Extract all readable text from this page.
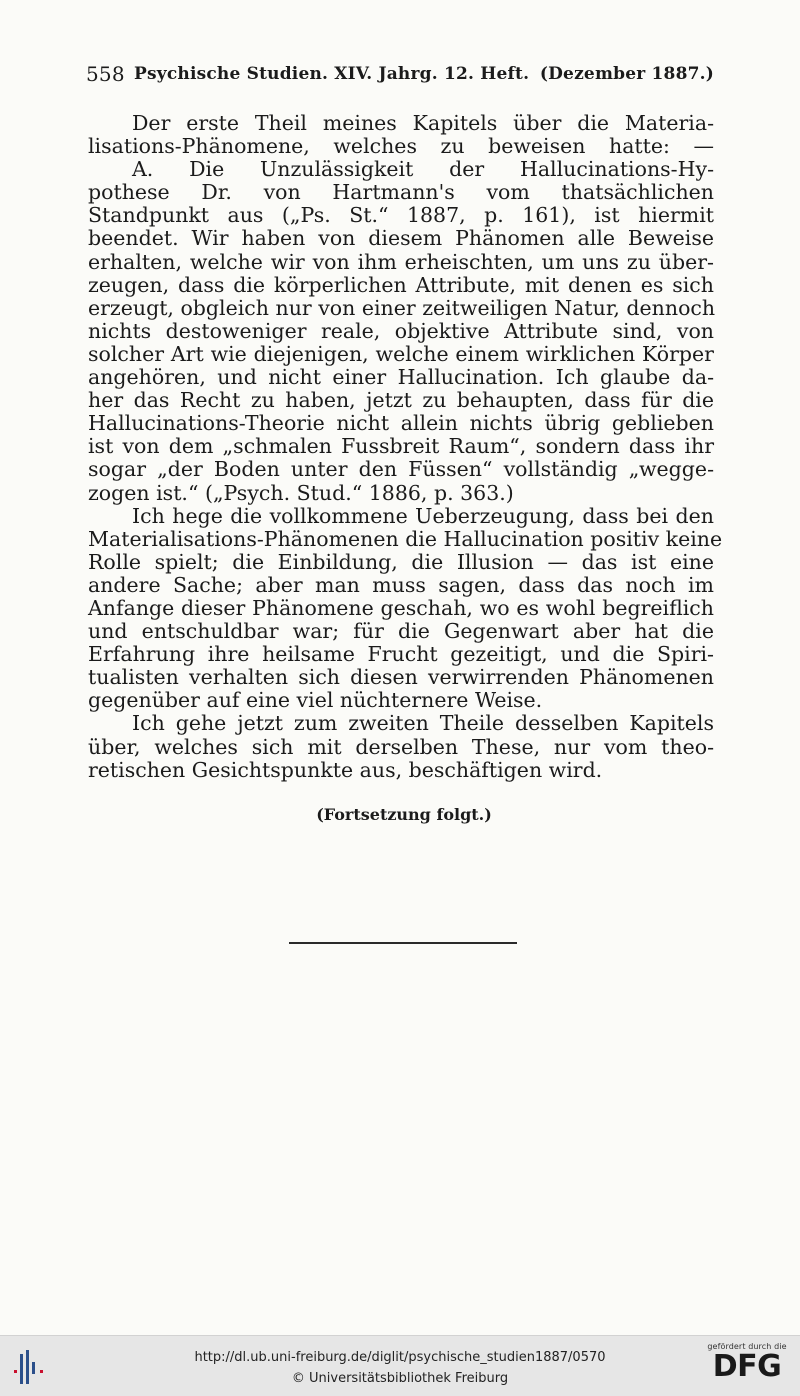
558 Psychische Studien. XIV. Jahrg. 12. Heft. (Dezember 1887.)
Der erste Theil meines Kapitels über die Materia-
lisations-Phänomene, welches zu beweisen hatte: —
A. Die Unzulässigkeit der Hallucinations-Hy-
pothese Dr. von Hartmann's vom thatsächlichen
Standpunkt aus („Ps. St.“ 1887, p. 161), ist hiermit
beendet. Wir haben von diesem Phänomen alle Beweise
erhalten, welche wir von ihm erheischten, um uns zu über-
zeugen, dass die körperlichen Attribute, mit denen es sich
erzeugt, obgleich nur von einer zeitweiligen Natur, dennoch
nichts destoweniger reale, objektive Attribute sind, von
solcher Art wie diejenigen, welche einem wirklichen Körper
angehören, und nicht einer Hallucination. Ich glaube da-
her das Recht zu haben, jetzt zu behaupten, dass für die
Hallucinations-Theorie nicht allein nichts übrig geblieben
ist von dem „schmalen Fussbreit Raum“, sondern dass ihr
sogar „der Boden unter den Füssen“ vollständig „wegge-
zogen ist.“ („Psych. Stud.“ 1886, p. 363.)
Ich hege die vollkommene Ueberzeugung, dass bei den
Materialisations-Phänomenen die Hallucination positiv keine
Rolle spielt; die Einbildung, die Illusion — das ist eine
andere Sache; aber man muss sagen, dass das noch im
Anfange dieser Phänomene geschah, wo es wohl begreiflich
und entschuldbar war; für die Gegenwart aber hat die
Erfahrung ihre heilsame Frucht gezeitigt, und die Spiri-
tualisten verhalten sich diesen verwirrenden Phänomenen
gegenüber auf eine viel nüchternere Weise.
Ich gehe jetzt zum zweiten Theile desselben Kapitels
über, welches sich mit derselben These, nur vom theo-
retischen Gesichtspunkte aus, beschäftigen wird.
(Fortsetzung folgt.)
http://dl.ub.uni-freiburg.de/diglit/psychische_studien1887/0570
© Universitätsbibliothek Freiburg
gefördert durch die
DFG
